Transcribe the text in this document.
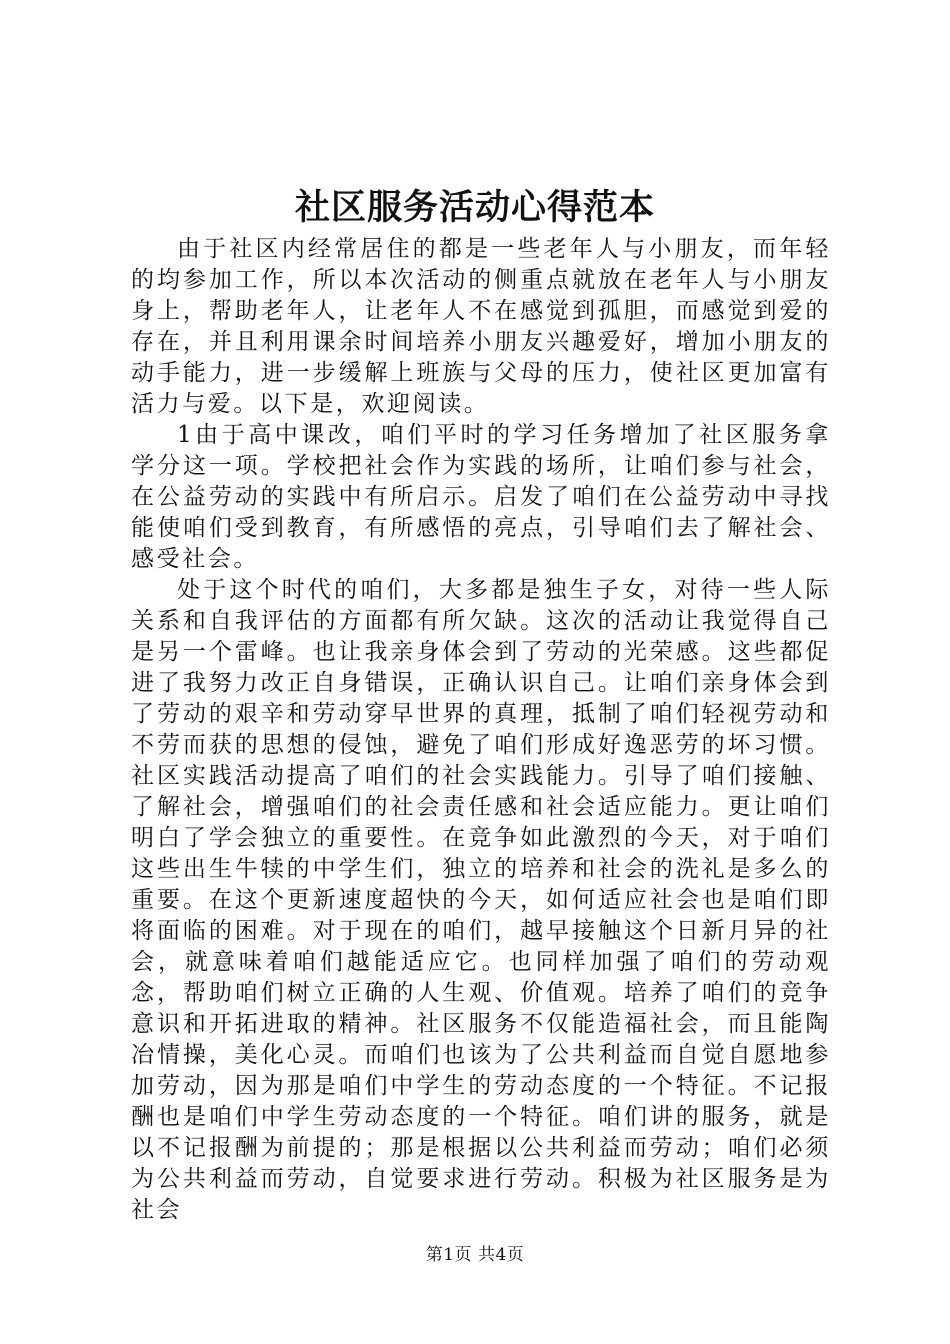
社区服务活动心得范本

由于社区内经常居住的都是一些老年人与小朋友，而年轻的均参加工作，所以本次活动的侧重点就放在老年人与小朋友身上，帮助老年人，让老年人不在感觉到孤胆，而感觉到爱的存在，并且利用课余时间培养小朋友兴趣爱好，增加小朋友的动手能力，进一步缓解上班族与父母的压力，使社区更加富有活力与爱。以下是，欢迎阅读。

1由于高中课改，咱们平时的学习任务增加了社区服务拿学分这一项。学校把社会作为实践的场所，让咱们参与社会，在公益劳动的实践中有所启示。启发了咱们在公益劳动中寻找能使咱们受到教育，有所感悟的亮点，引导咱们去了解社会、感受社会。

处于这个时代的咱们，大多都是独生子女，对待一些人际关系和自我评估的方面都有所欠缺。这次的活动让我觉得自己是另一个雷峰。也让我亲身体会到了劳动的光荣感。这些都促进了我努力改正自身错误，正确认识自己。让咱们亲身体会到了劳动的艰辛和劳动穿早世界的真理，抵制了咱们轻视劳动和不劳而获的思想的侵蚀，避免了咱们形成好逸恶劳的坏习惯。社区实践活动提高了咱们的社会实践能力。引导了咱们接触、了解社会，增强咱们的社会责任感和社会适应能力。更让咱们明白了学会独立的重要性。在竞争如此激烈的今天，对于咱们这些出生牛犊的中学生们，独立的培养和社会的洗礼是多么的重要。在这个更新速度超快的今天，如何适应社会也是咱们即将面临的困难。对于现在的咱们，越早接触这个日新月异的社会，就意味着咱们越能适应它。也同样加强了咱们的劳动观念，帮助咱们树立正确的人生观、价值观。培养了咱们的竞争意识和开拓进取的精神。社区服务不仅能造福社会，而且能陶冶情操，美化心灵。而咱们也该为了公共利益而自觉自愿地参加劳动，因为那是咱们中学生的劳动态度的一个特征。不记报酬也是咱们中学生劳动态度的一个特征。咱们讲的服务，就是以不记报酬为前提的；那是根据以公共利益而劳动；咱们必须为公共利益而劳动，自觉要求进行劳动。积极为社区服务是为社会

第1页 共4页
